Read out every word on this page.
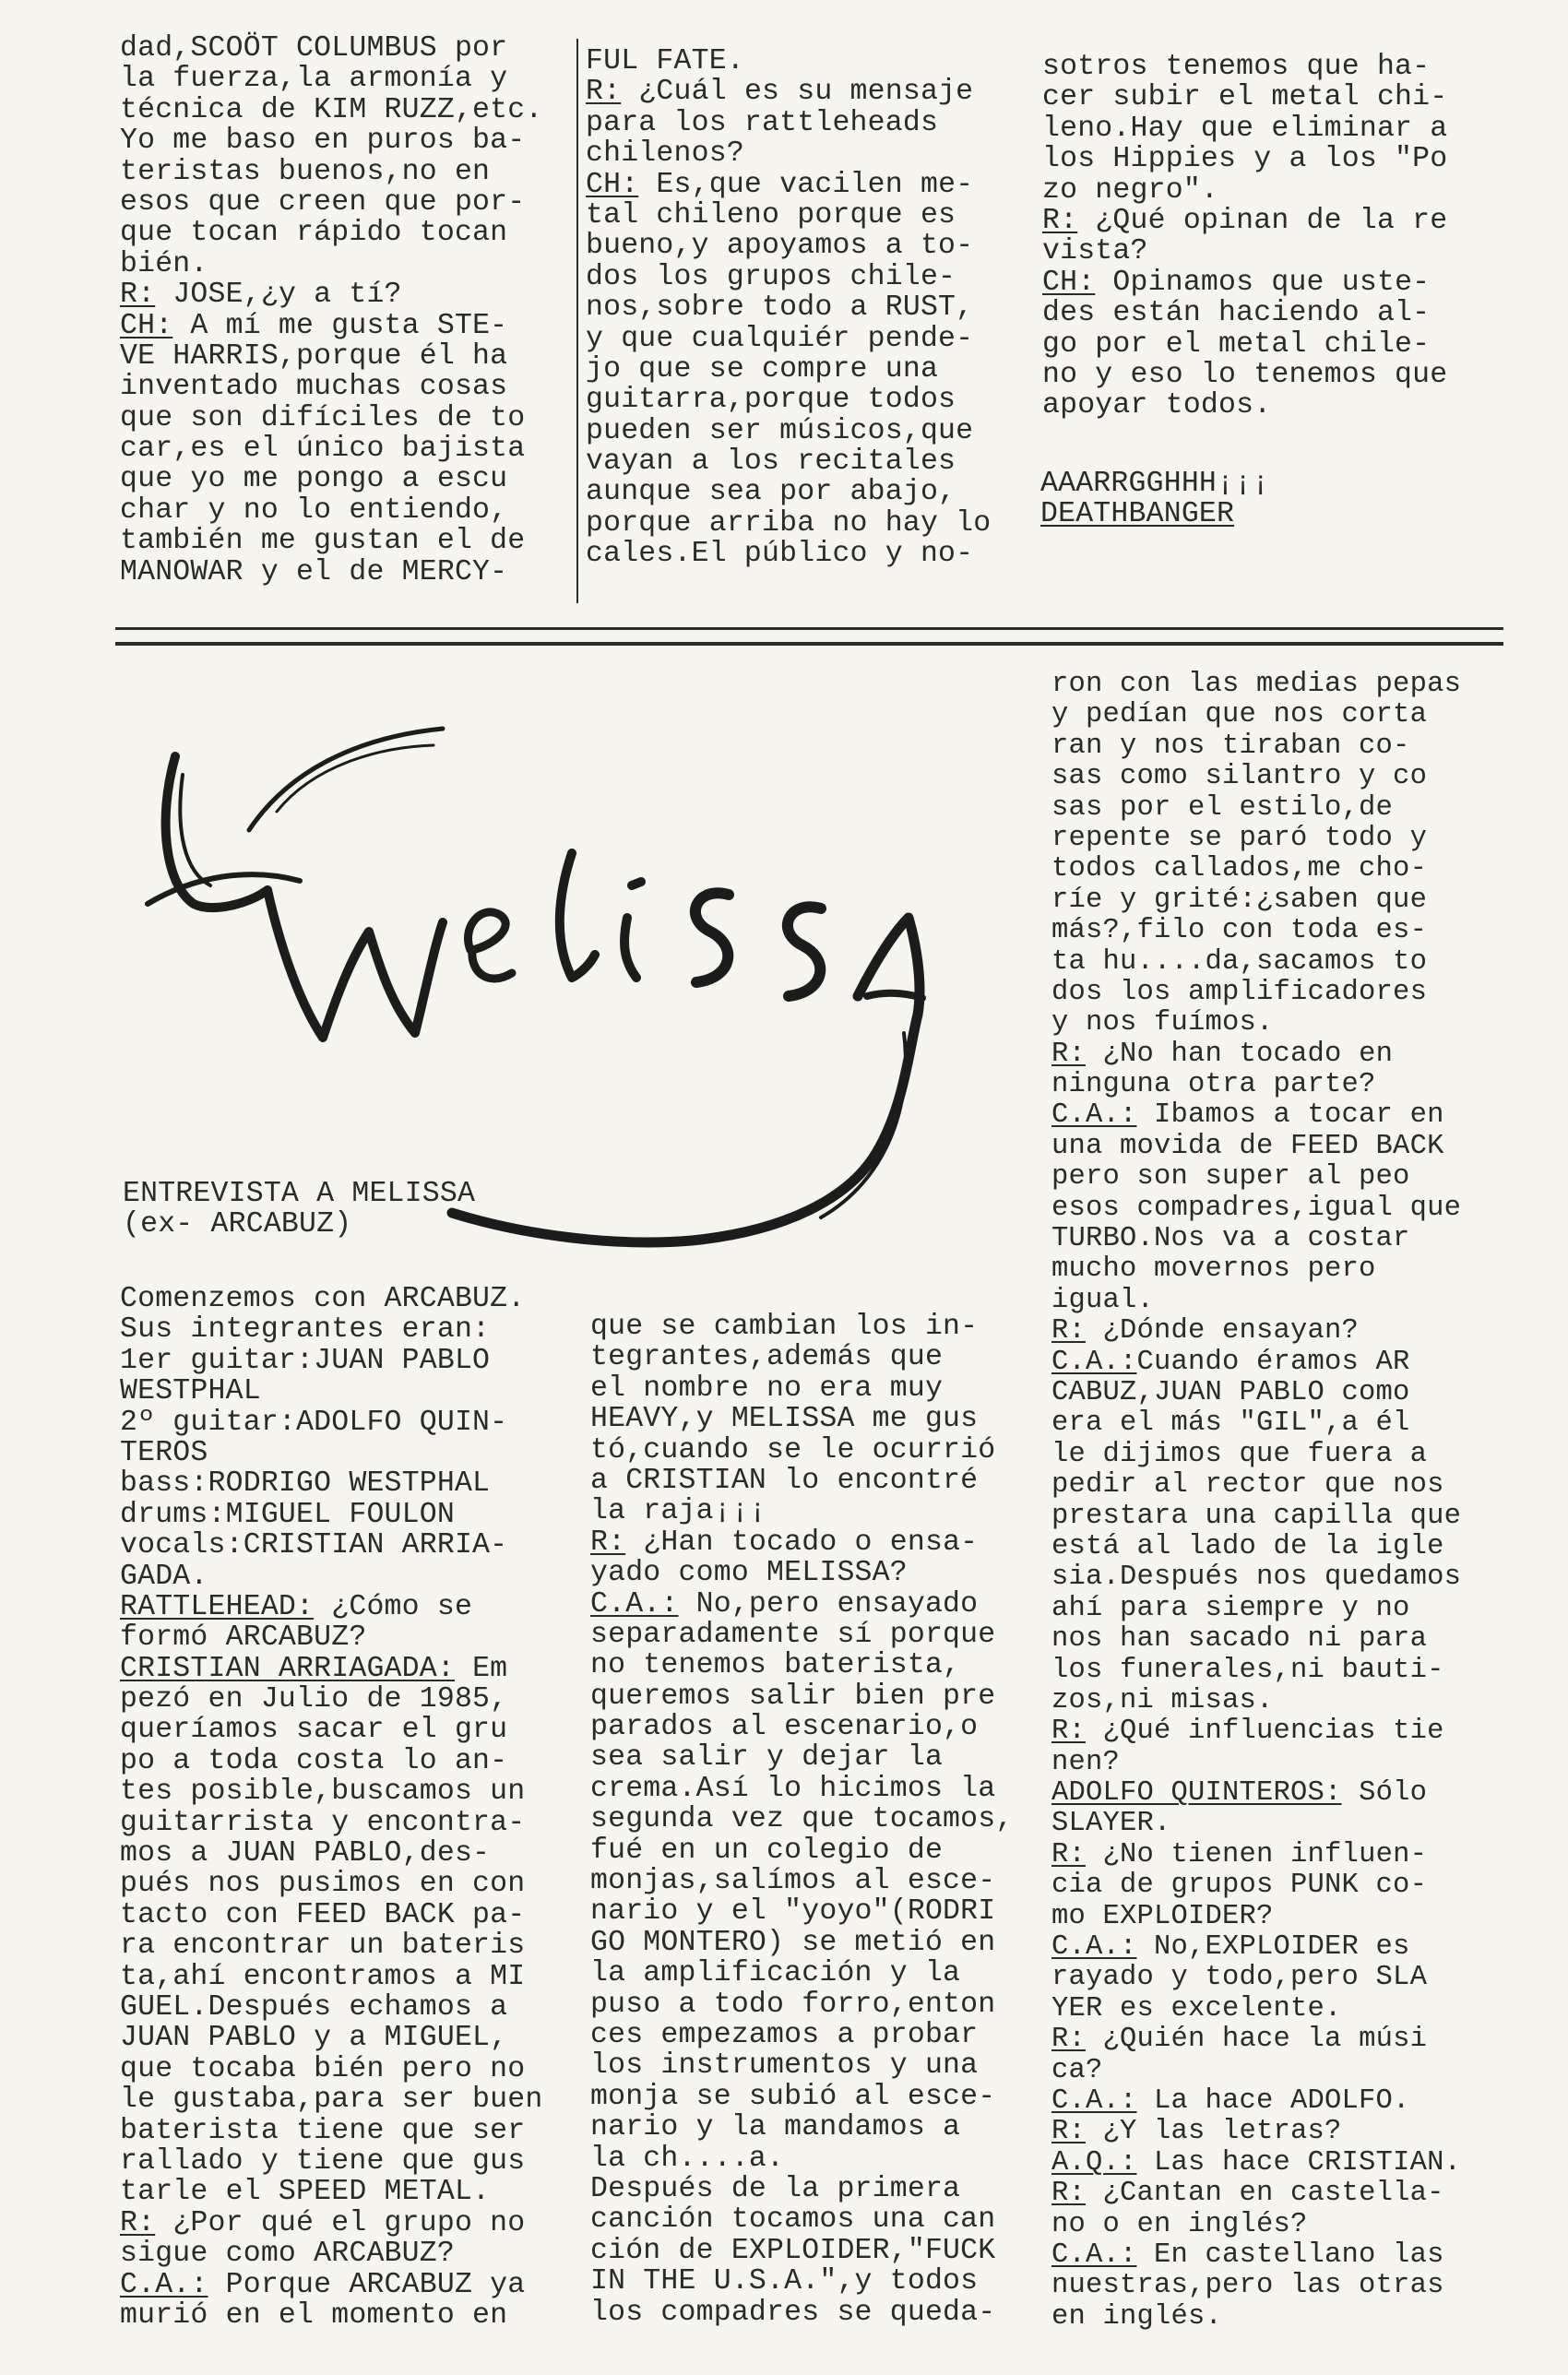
dad,SCOÖT COLUMBUS por
la fuerza,la armonía y
técnica de KIM RUZZ,etc.
Yo me baso en puros ba-
teristas buenos,no en
esos que creen que por-
que tocan rápido tocan
bién.
R: JOSE,¿y a tí?
CH: A mí me gusta STE-
VE HARRIS,porque él ha
inventado muchas cosas
que son difíciles de to
car,es el único bajista
que yo me pongo a escu
char y no lo entiendo,
también me gustan el de
MANOWAR y el de MERCY-
FUL FATE.
R: ¿Cuál es su mensaje
para los rattleheads
chilenos?
CH: Es,que vacilen me-
tal chileno porque es
bueno,y apoyamos a to-
dos los grupos chile-
nos,sobre todo a RUST,
y que cualquiér pende-
jo que se compre una
guitarra,porque todos
pueden ser músicos,que
vayan a los recitales
aunque sea por abajo,
porque arriba no hay lo
cales.El público y no-
sotros tenemos que ha-
cer subir el metal chi-
leno.Hay que eliminar a
los Hippies y a los "Po
zo negro".
R: ¿Qué opinan de la re
vista?
CH: Opinamos que uste-
des están haciendo al-
go por el metal chile-
no y eso lo tenemos que
apoyar todos.
AAARRGGHHH¡¡¡
DEATHBANGER
ENTREVISTA A MELISSA
(ex- ARCABUZ)
Comenzemos con ARCABUZ.
Sus integrantes eran:
1er guitar:JUAN PABLO
WESTPHAL
2º guitar:ADOLFO QUIN-
TEROS
bass:RODRIGO WESTPHAL
drums:MIGUEL FOULON
vocals:CRISTIAN ARRIA-
GADA.
RATTLEHEAD: ¿Cómo se
formó ARCABUZ?
CRISTIAN ARRIAGADA: Em
pezó en Julio de 1985,
queríamos sacar el gru
po a toda costa lo an-
tes posible,buscamos un
guitarrista y encontra-
mos a JUAN PABLO,des-
pués nos pusimos en con
tacto con FEED BACK pa-
ra encontrar un bateris
ta,ahí encontramos a MI
GUEL.Después echamos a
JUAN PABLO y a MIGUEL,
que tocaba bién pero no
le gustaba,para ser buen
baterista tiene que ser
rallado y tiene que gus
tarle el SPEED METAL.
R: ¿Por qué el grupo no
sigue como ARCABUZ?
C.A.: Porque ARCABUZ ya
murió en el momento en
que se cambian los in-
tegrantes,además que
el nombre no era muy
HEAVY,y MELISSA me gus
tó,cuando se le ocurrió
a CRISTIAN lo encontré
la raja¡¡¡
R: ¿Han tocado o ensa-
yado como MELISSA?
C.A.: No,pero ensayado
separadamente sí porque
no tenemos baterista,
queremos salir bien pre
parados al escenario,o
sea salir y dejar la
crema.Así lo hicimos la
segunda vez que tocamos,
fué en un colegio de
monjas,salímos al esce-
nario y el "yoyo"(RODRI
GO MONTERO) se metió en
la amplificación y la
puso a todo forro,enton
ces empezamos a probar
los instrumentos y una
monja se subió al esce-
nario y la mandamos a
la ch....a.
Después de la primera
canción tocamos una can
ción de EXPLOIDER,"FUCK
IN THE U.S.A.",y todos
los compadres se queda-
ron con las medias pepas
y pedían que nos corta
ran y nos tiraban co-
sas como silantro y co
sas por el estilo,de
repente se paró todo y
todos callados,me cho-
ríe y grité:¿saben que
más?,filo con toda es-
ta hu....da,sacamos to
dos los amplificadores
y nos fuímos.
R: ¿No han tocado en
ninguna otra parte?
C.A.: Ibamos a tocar en
una movida de FEED BACK
pero son super al peo
esos compadres,igual que
TURBO.Nos va a costar
mucho movernos pero
igual.
R: ¿Dónde ensayan?
C.A.:Cuando éramos AR
CABUZ,JUAN PABLO como
era el más "GIL",a él
le dijimos que fuera a
pedir al rector que nos
prestara una capilla que
está al lado de la igle
sia.Después nos quedamos
ahí para siempre y no
nos han sacado ni para
los funerales,ni bauti-
zos,ni misas.
R: ¿Qué influencias tie
nen?
ADOLFO QUINTEROS: Sólo
SLAYER.
R: ¿No tienen influen-
cia de grupos PUNK co-
mo EXPLOIDER?
C.A.: No,EXPLOIDER es
rayado y todo,pero SLA
YER es excelente.
R: ¿Quién hace la músi
ca?
C.A.: La hace ADOLFO.
R: ¿Y las letras?
A.Q.: Las hace CRISTIAN.
R: ¿Cantan en castella-
no o en inglés?
C.A.: En castellano las
nuestras,pero las otras
en inglés.
